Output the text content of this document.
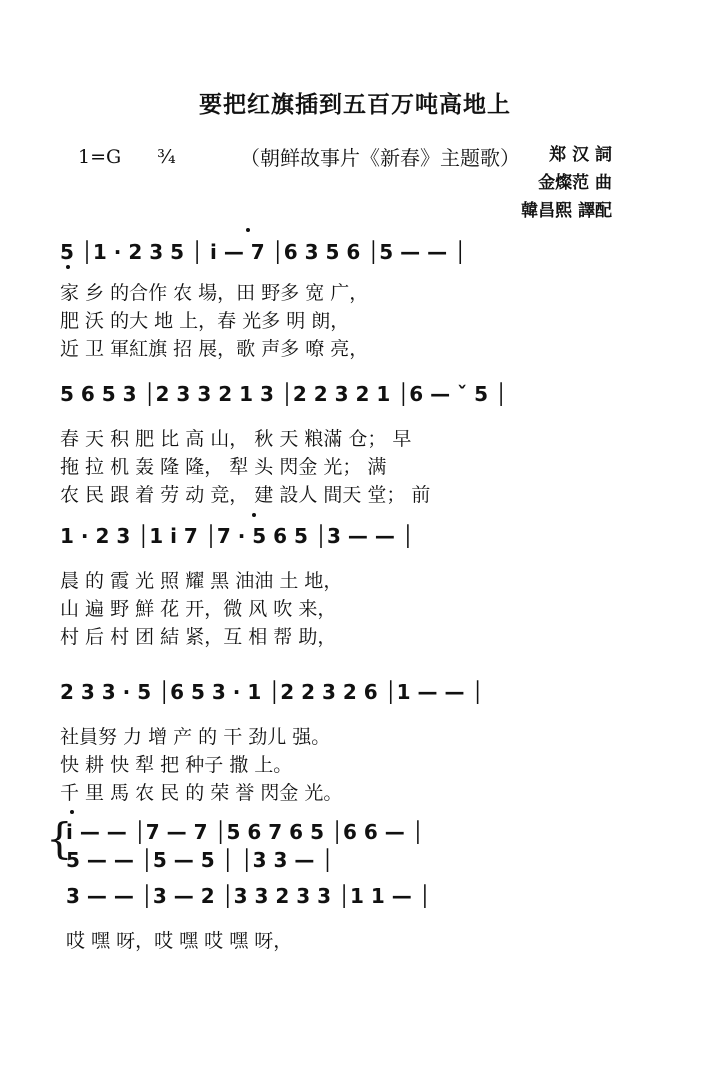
要把红旗插到五百万吨高地上
1=G ¾	（朝鲜故事片《新春》主题歌） 郑 汉 詞
金燦范 曲
韓昌熙 譯配
5 │1 · 2 3 5 │ i — 7 │6 3 5 6 │5 — — │
家 乡 的合作 农 場，田 野多 宽 广，
肥 沃 的大 地 上，春 光多 明 朗，
近 卫 軍紅旗 招 展，歌 声多 嘹 亮，
5 6 5 3 │2 3 3 2 1 3 │2 2 3 2 1 │6 — ˇ 5 │
春 天 积 肥 比 高 山， 秋 天 粮滿 仓； 早
拖 拉 机 轰 隆 隆， 犁 头 閃金 光； 满
农 民 跟 着 劳 动 竞， 建 設人 間天 堂； 前
1 · 2 3 │1 i 7 │7 · 5 6 5 │3 — — │
晨 的 霞 光 照 耀 黑 油油 土 地，
山 遍 野 鮮 花 开，微 风 吹 来，
村 后 村 团 結 紧，互 相 帮 助，
2 3 3 · 5 │6 5 3 · 1 │2 2 3 2 6 │1 — — │
社員努 力 增 产 的 干 劲儿 强。
快 耕 快 犁 把 种子 撒 上。
千 里 馬 农 民 的 荣 誉 閃金 光。
{
i — — │7 — 7 │5 6 7 6 5 │6 6 — │
5 — — │5 — 5 │ │3 3 — │
3 — — │3 — 2 │3 3 2 3 3 │1 1 — │
哎 嘿 呀，哎 嘿 哎 嘿 呀，
